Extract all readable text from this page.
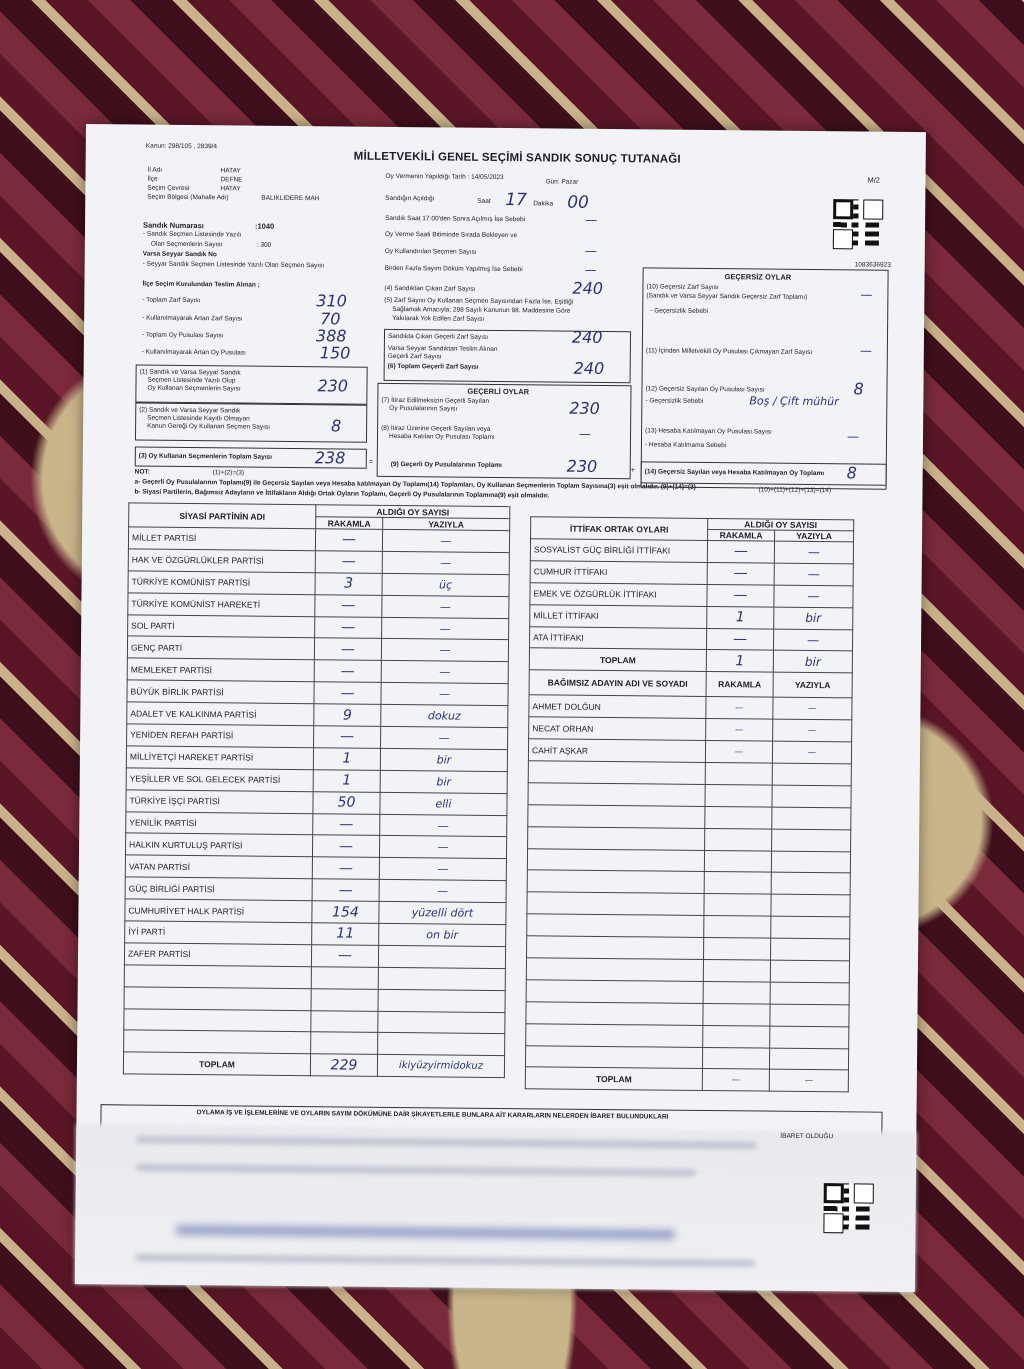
Kanun: 298/105 , 2839/4
MİLLETVEKİLİ GENEL SEÇİMİ SANDIK SONUÇ TUTANAĞI
M/2
1083636923
İl Adı	HATAY
İlçe	DEFNE
Seçim Çevresi	HATAY
Seçim Bölgesi (Mahalle Adı)	BALIKLIDERE MAH
Oy Vermenin Yapıldığı Tarih : 14/05/2023
Gün: Pazar
Sandığın Açıldığı	Saat 17 Dakika 00
Sandık Saat 17:00'den Sonra Açılmış İse Sebebi	—
Oy Verme Saati Bitiminde Sırada Bekleyen ve
Oy Kullandırılan Seçmen Sayısı	—
Birden Fazla Sayım Döküm Yapılmış İse Sebebi	—
Sandık Numarası	:1040
- Sandık Seçmen Listesinde Yazılı
Olan Seçmenlerin Sayısı	: 300
Varsa Seyyar Sandık No
- Seyyar Sandık Seçmen Listesinde Yazılı Olan Seçmen Sayısı
İlçe Seçim Kurulundan Teslim Alınan ;
- Toplam Zarf Sayısı	310
- Kullanılmayarak Artan Zarf Sayısı	70
- Toplam Oy Pusulası Sayısı	388
- Kullanılmayarak Artan Oy Pusulası	150
(1) Sandık ve Varsa Seyyar Sandık
Seçmen Listesinde Yazılı Olup
Oy Kullanan Seçmenlerin Sayısı	230
(2) Sandık ve Varsa Seyyar Sandık
Seçmen Listesinde Kayıtlı Olmayan
Kanun Gereği Oy Kullanan Seçmen Sayısı	8
(3) Oy Kullanan Seçmenlerin Toplam Sayısı	238	=
(4) Sandıktan Çıkan Zarf Sayısı	240
(5) Zarf Sayısı Oy Kullanan Seçmen Sayısından Fazla İse, Eşitliği
Sağlamak Amacıyla; 298 Sayılı Kanunun 98. Maddesine Göre
Yakılarak Yok Edilen Zarf Sayısı
Sandıkta Çıkan Geçerli Zarf Sayısı	240
Varsa Seyyar Sandıktan Teslim Alınan
Geçerli Zarf Sayısı
(6) Toplam Geçerli Zarf Sayısı	240
GEÇERLİ OYLAR
(7) İtiraz Edilmeksizin Geçerli Sayılan
Oy Pusulalarının Sayısı	230
(8) İtiraz Üzerine Geçerli Sayılan veya
Hesaba Katılan Oy Pusulası Toplamı	—
(9) Geçerli Oy Pusulalarının Toplamı	230	+
GEÇERSİZ OYLAR
(10) Geçersiz Zarf Sayısı
(Sandık ve Varsa Seyyar Sandık Geçersiz Zarf Toplamı)	—
- Geçersizlik Sebebi
(11) İçinden Milletvekili Oy Pusulası Çıkmayan Zarf Sayısı	—
(12) Geçersiz Sayılan Oy Pusulası Sayısı	8
- Geçersizlik Sebebi	Boş / Çift mühür
(13) Hesaba Katılmayan Oy Pusulası Sayısı	—
- Hesaba Katılmama Sebebi
(14) Geçersiz Sayılan veya Hesaba Katılmayan Oy Toplamı 8
(1)+(2)=(3)
(10)+(11)+(12)+(13)=(14)
NOT:
a- Geçerli Oy Pusulalarının Toplamı(9) ile Geçersiz Sayılan veya Hesaba katılmayan Oy Toplamı(14) Toplamları, Oy Kullanan Seçmenlerin Toplam Sayısına(3) eşit olmalıdır. (9)+(14)=(3)
b- Siyasi Partilerin, Bağımsız Adayların ve İttifakların Aldığı Ortak Oyların Toplamı, Geçerli Oy Pusulalarının Toplamına(9) eşit olmalıdır.
SİYASİ PARTİNİN ADI	ALDIĞI OY SAYISI	
	RAKAMLA	YAZIYLA
MİLLET PARTİSİ	—	—
HAK VE ÖZGÜRLÜKLER PARTİSİ	—	—
TÜRKİYE KOMÜNİST PARTİSİ	3	üç
TÜRKİYE KOMÜNİST HAREKETİ	—	—
SOL PARTİ	—	—
GENÇ PARTİ	—	—
MEMLEKET PARTİSİ	—	—
BÜYÜK BİRLİK PARTİSİ	—	—
ADALET VE KALKINMA PARTİSİ	9	dokuz
YENİDEN REFAH PARTİSİ	—	—
MİLLİYETÇİ HAREKET PARTİSİ	1	bir
YEŞİLLER VE SOL GELECEK PARTİSİ	1	bir
TÜRKİYE İŞÇİ PARTİSİ	50	elli
YENİLİK PARTİSİ	—	—
HALKIN KURTULUŞ PARTİSİ	—	—
VATAN PARTİSİ	—	—
GÜÇ BİRLİĞİ PARTİSİ	—	—
CUMHURİYET HALK PARTİSİ	154	yüzelli dört
İYİ PARTİ	11	on bir
ZAFER PARTİSİ	—	

TOPLAM	229	ikiyüzyirmidokuz
İTTİFAK ORTAK OYLARI	ALDIĞI OY SAYISI	
	RAKAMLA	YAZIYLA
SOSYALİST GÜÇ BİRLİĞİ İTTİFAKI	—	—
CUMHUR İTTİFAKI	—	—
EMEK VE ÖZGÜRLÜK İTTİFAKI	—	—
MİLLET İTTİFAKI	1	bir
ATA İTTİFAKI	—	—
TOPLAM	1	bir
BAĞIMSIZ ADAYIN ADI VE SOYADI	RAKAMLA	YAZIYLA
AHMET DOLĞUN	—	—
NECAT ORHAN	—	—
CAHİT AŞKAR	—	—

TOPLAM	—	—
OYLAMA İŞ VE İŞLEMLERİNE VE OYLARIN SAYIM DÖKÜMÜNE DAİR ŞİKAYETLERLE BUNLARA AİT KARARLARIN NELERDEN İBARET BULUNDUKLARI
İBARET OLDUĞU
